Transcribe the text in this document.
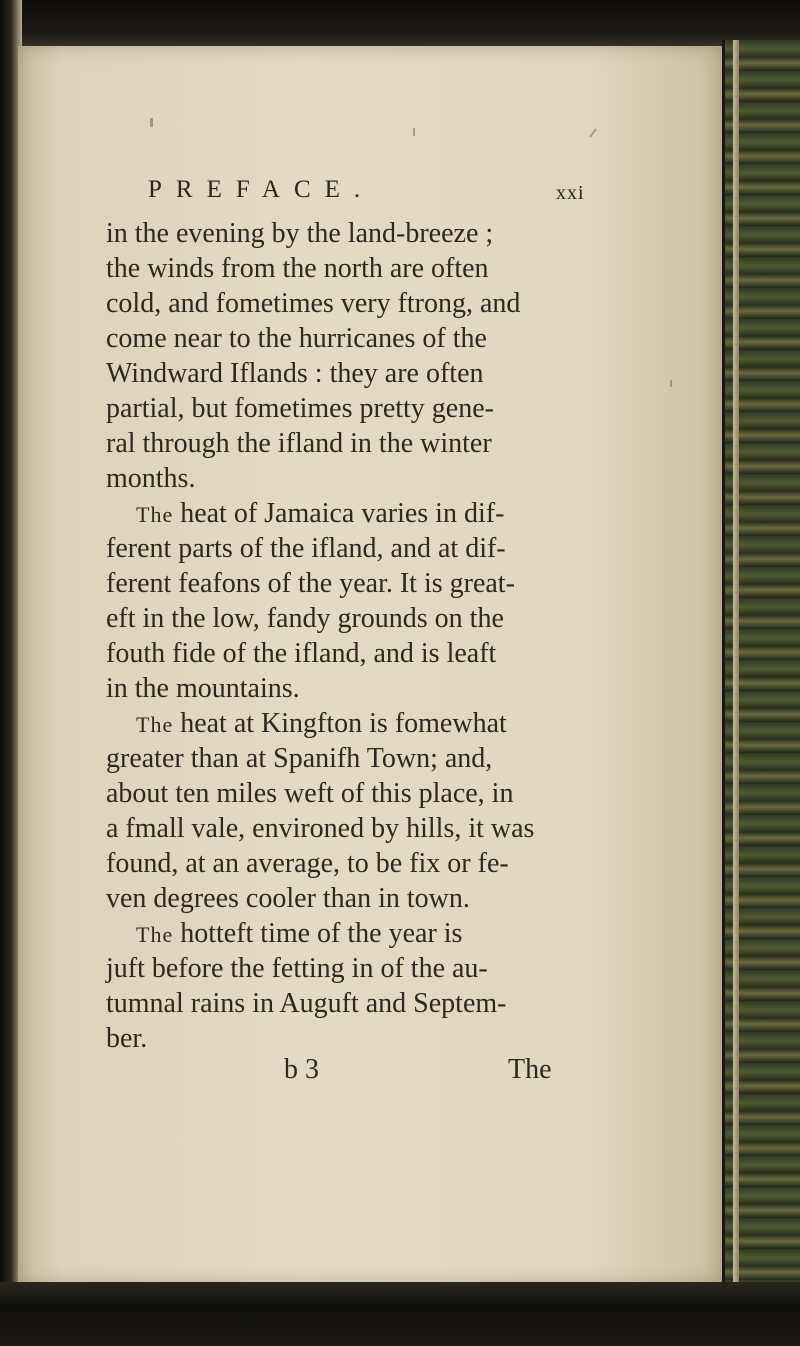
PREFACE.	xxi
in the evening by the land-breeze ;
the winds from the north are often
cold, and fometimes very ftrong, and
come near to the hurricanes of the
Windward Iflands : they are often
partial, but fometimes pretty gene-
ral through the ifland in the winter
months.
The heat of Jamaica varies in dif-
ferent parts of the ifland, and at dif-
ferent feafons of the year. It is great-
eft in the low, fandy grounds on the
fouth fide of the ifland, and is leaft
in the mountains.
The heat at Kingfton is fomewhat
greater than at Spanifh Town; and,
about ten miles weft of this place, in
a fmall vale, environed by hills, it was
found, at an average, to be fix or fe-
ven degrees cooler than in town.
The hotteft time of the year is
juft before the fetting in of the au-
tumnal rains in Auguft and Septem-
ber.
b 3	The
